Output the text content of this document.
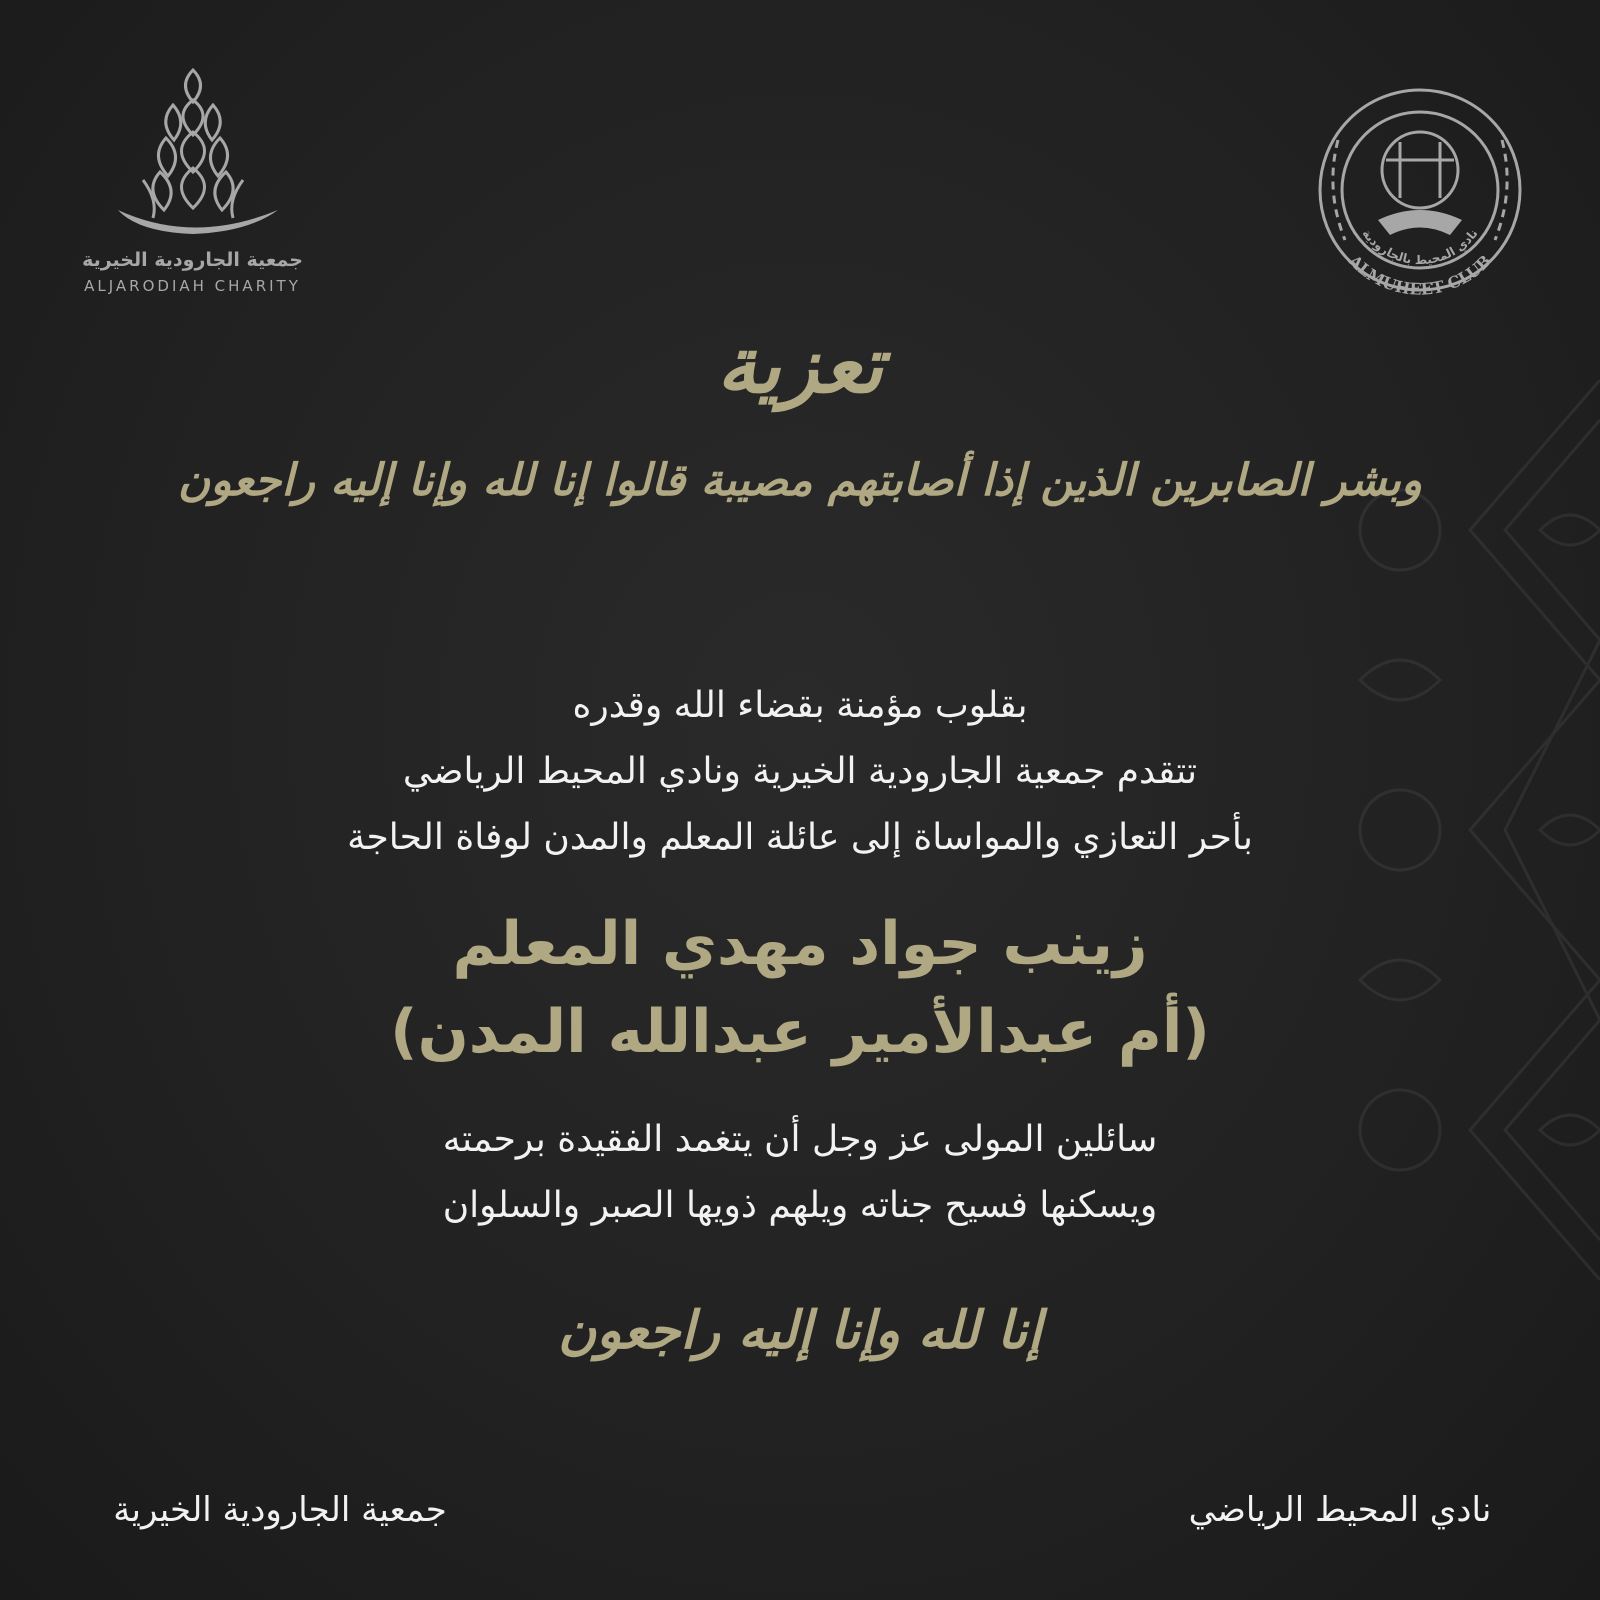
جمعية الجارودية الخيرية
ALJARODIAH CHARITY
نادي المحيط بالجارودية
ALMUHEET CLUB
تعزية
وبشر الصابرين الذين إذا أصابتهم مصيبة قالوا إنا لله وإنا إليه راجعون
بقلوب مؤمنة بقضاء الله وقدره
تتقدم جمعية الجارودية الخيرية ونادي المحيط الرياضي
بأحر التعازي والمواساة إلى عائلة المعلم والمدن لوفاة الحاجة
زينب جواد مهدي المعلم
(أم عبدالأمير عبدالله المدن)
سائلين المولى عز وجل أن يتغمد الفقيدة برحمته
ويسكنها فسيح جناته ويلهم ذويها الصبر والسلوان
إنا لله وإنا إليه راجعون
جمعية الجارودية الخيرية	نادي المحيط الرياضي
